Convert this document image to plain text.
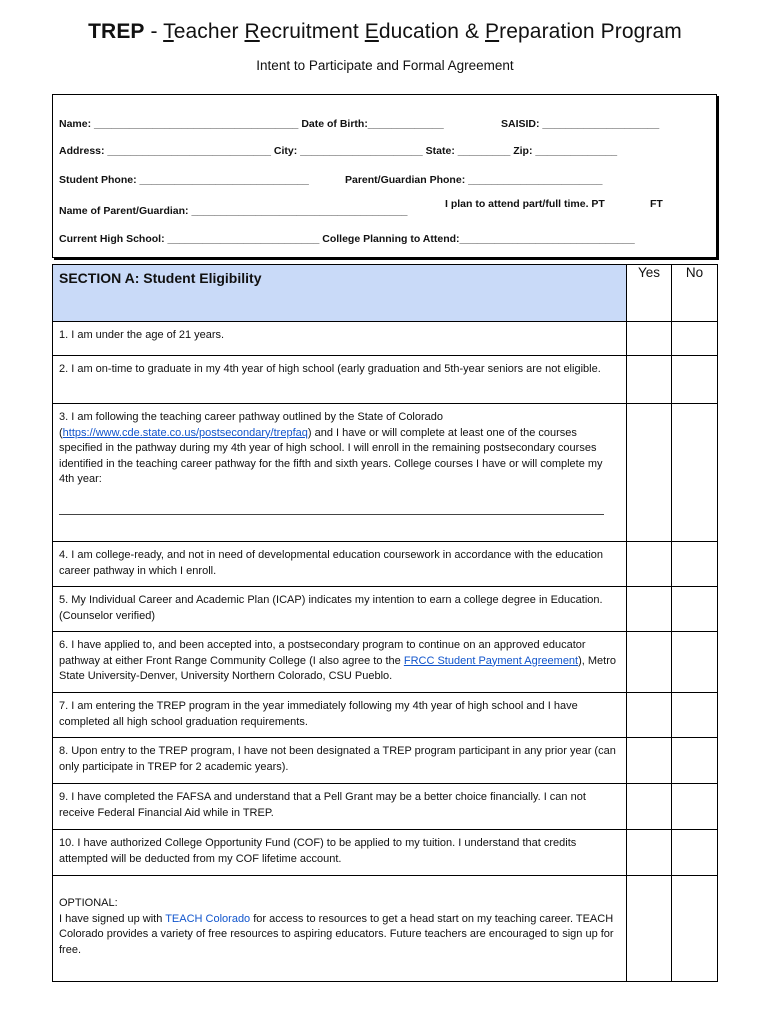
TREP - Teacher Recruitment Education & Preparation Program
Intent to Participate and Formal Agreement
Name: ___________________________________ Date of Birth:_____________	SAISID: ____________________
Address: ____________________________ City: _____________________ State: _________ Zip: ______________
Student Phone: _____________________________	Parent/Guardian Phone: _______________________
Name of Parent/Guardian: _____________________________________
I plan to attend part/full time. PT	FT
Current High School: __________________________ College Planning to Attend:______________________________
SECTION A: Student Eligibility	Yes	No
1. I am under the age of 21 years.		
2. I am on-time to graduate in my 4th year of high school (early graduation and 5th-year seniors are not eligible.		
3. I am following the teaching career pathway outlined by the State of Colorado (https://www.cde.state.co.us/postsecondary/trepfaq) and I have or will complete at least one of the courses specified in the pathway during my 4th year of high school. I will enroll in the remaining postsecondary courses identified in the teaching career pathway for the fifth and sixth years. College courses I have or will complete my 4th year:

4. I am college-ready, and not in need of developmental education coursework in accordance with the education career pathway in which I enroll.		
5. My Individual Career and Academic Plan (ICAP) indicates my intention to earn a college degree in Education. (Counselor verified)		
6. I have applied to, and been accepted into, a postsecondary program to continue on an approved educator pathway at either Front Range Community College (I also agree to the FRCC Student Payment Agreement), Metro State University-Denver, University Northern Colorado, CSU Pueblo.		
7. I am entering the TREP program in the year immediately following my 4th year of high school and I have completed all high school graduation requirements.		
8. Upon entry to the TREP program, I have not been designated a TREP program participant in any prior year (can only participate in TREP for 2 academic years).		
9. I have completed the FAFSA and understand that a Pell Grant may be a better choice financially. I can not receive Federal Financial Aid while in TREP.		
10. I have authorized College Opportunity Fund (COF) to be applied to my tuition. I understand that credits attempted will be deducted from my COF lifetime account.		

OPTIONAL:
I have signed up with TEACH Colorado for access to resources to get a head start on my teaching career. TEACH Colorado provides a variety of free resources to aspiring educators. Future teachers are encouraged to sign up for free.		
